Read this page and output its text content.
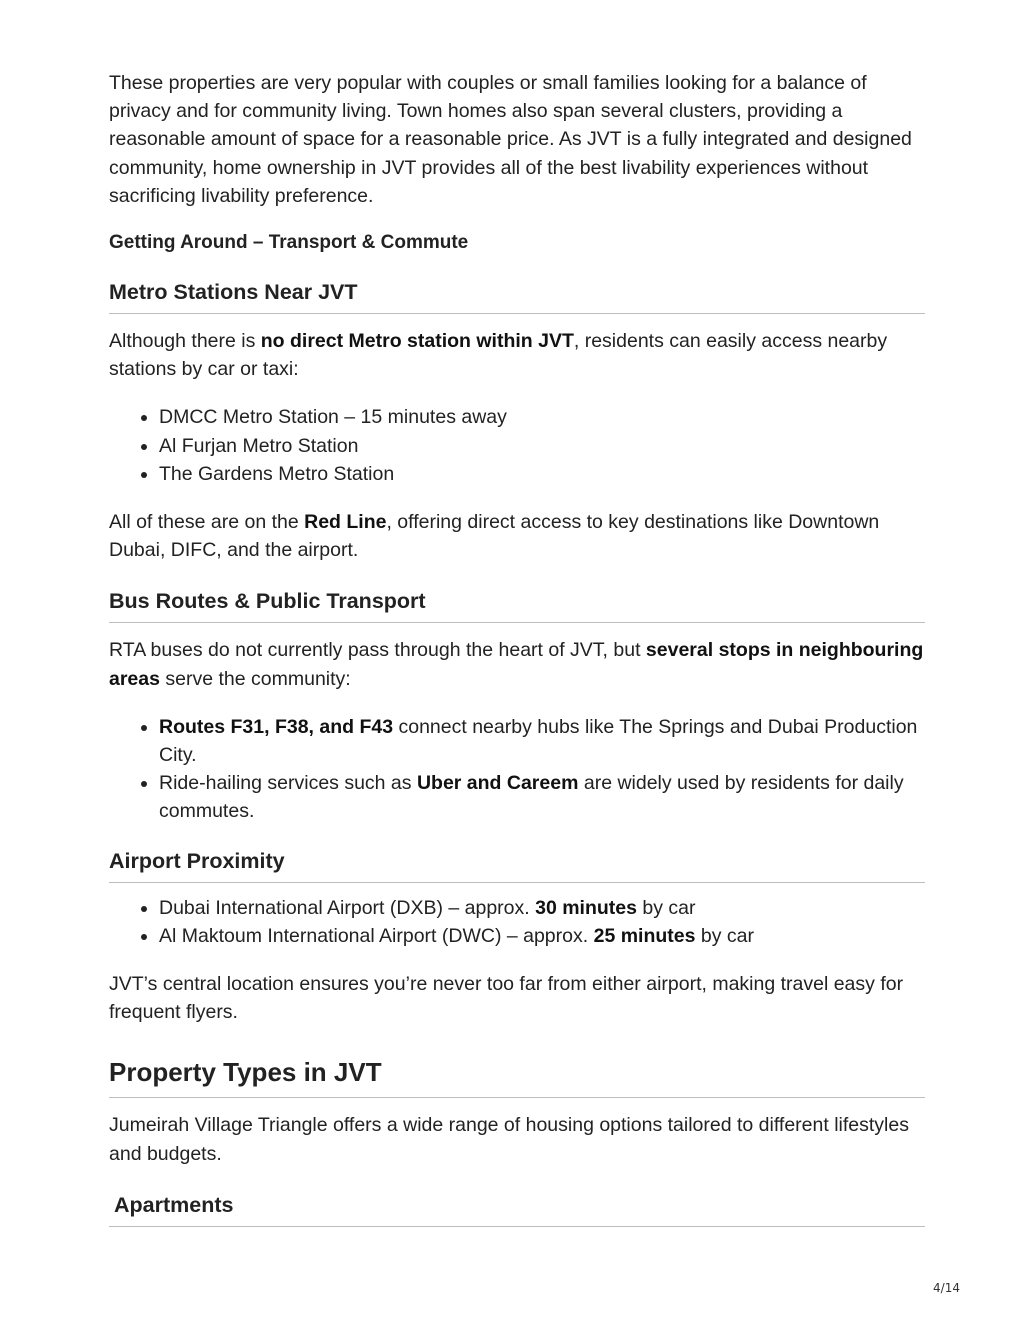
These properties are very popular with couples or small families looking for a balance of privacy and for community living. Town homes also span several clusters, providing a reasonable amount of space for a reasonable price. As JVT is a fully integrated and designed community, home ownership in JVT provides all of the best livability experiences without sacrificing livability preference.

Getting Around – Transport & Commute
Metro Stations Near JVT

Although there is no direct Metro station within JVT, residents can easily access nearby stations by car or taxi:

• DMCC Metro Station – 15 minutes away
• Al Furjan Metro Station
• The Gardens Metro Station

All of these are on the Red Line, offering direct access to key destinations like Downtown Dubai, DIFC, and the airport.

Bus Routes & Public Transport

RTA buses do not currently pass through the heart of JVT, but several stops in neighbouring areas serve the community:

• Routes F31, F38, and F43 connect nearby hubs like The Springs and Dubai Production City.
• Ride-hailing services such as Uber and Careem are widely used by residents for daily commutes.
Airport Proximity
• Dubai International Airport (DXB) – approx. 30 minutes by car
• Al Maktoum International Airport (DWC) – approx. 25 minutes by car

JVT’s central location ensures you’re never too far from either airport, making travel easy for frequent flyers.

Property Types in JVT

Jumeirah Village Triangle offers a wide range of housing options tailored to different lifestyles and budgets.

Apartments
4/14
